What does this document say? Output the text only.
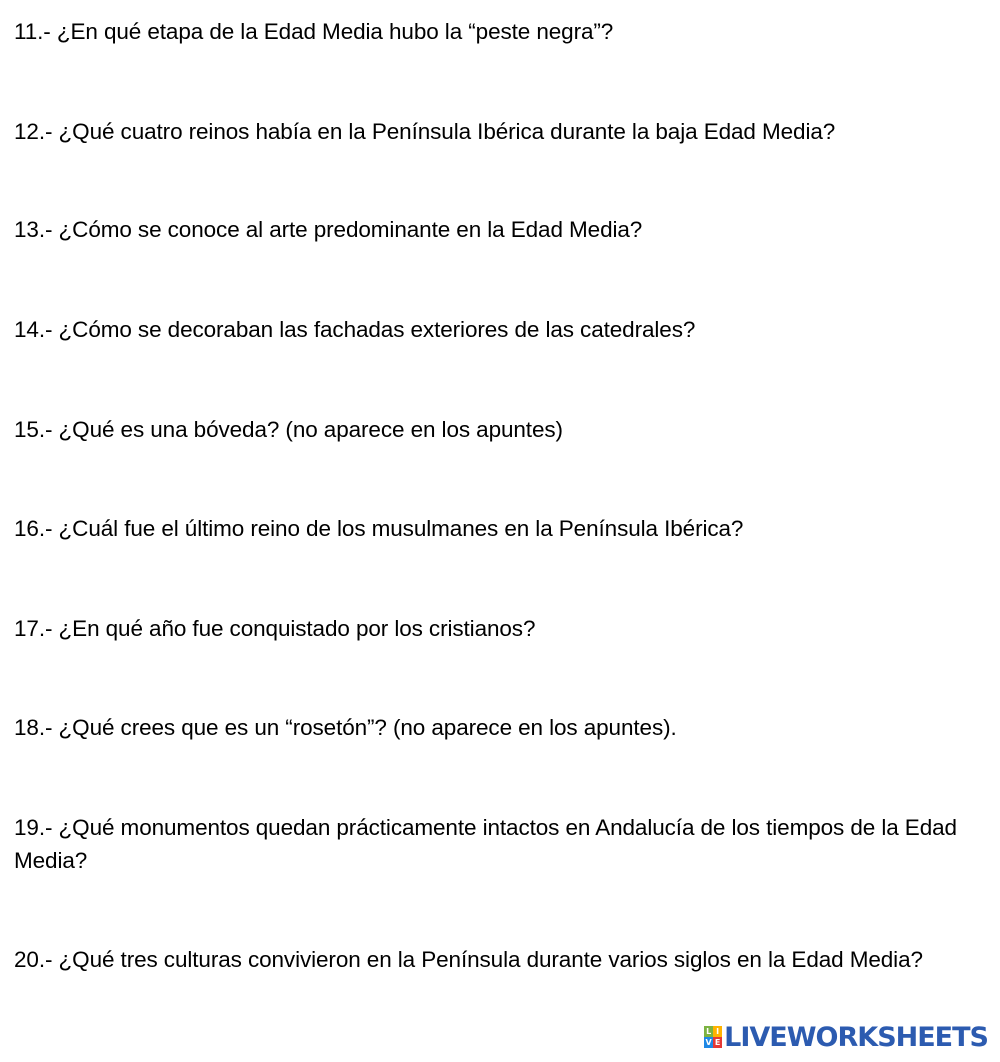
11.- ¿En qué etapa de la Edad Media hubo la “peste negra”?

12.- ¿Qué cuatro reinos había en la Península Ibérica durante la baja Edad Media?

13.- ¿Cómo se conoce al arte predominante en la Edad Media?

14.- ¿Cómo se decoraban las fachadas exteriores de las catedrales?

15.- ¿Qué es una bóveda? (no aparece en los apuntes)

16.- ¿Cuál fue el último reino de los musulmanes en la Península Ibérica?

17.- ¿En qué año fue conquistado por los cristianos?

18.- ¿Qué crees que es un “rosetón”? (no aparece en los apuntes).

19.- ¿Qué monumentos quedan prácticamente intactos en Andalucía de los tiempos de la Edad Media?

20.- ¿Qué tres culturas convivieron en la Península durante varios siglos en la Edad Media?

L I
V E LIVEWORKSHEETS
